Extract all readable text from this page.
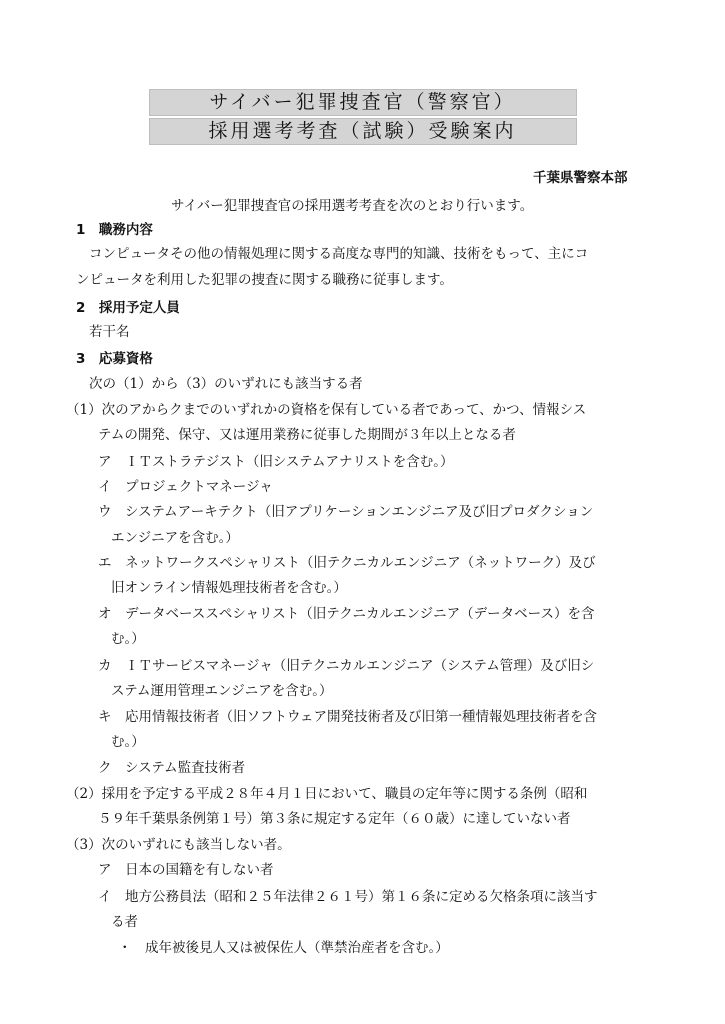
サイバー犯罪捜査官（警察官）
採用選考考査（試験）受験案内
千葉県警察本部
サイバー犯罪捜査官の採用選考考査を次のとおり行います。
1　職務内容
コンピュータその他の情報処理に関する高度な専門的知識、技術をもって、主にコ
ンピュータを利用した犯罪の捜査に関する職務に従事します。
2　採用予定人員
若干名
3　応募資格
次の（1）から（3）のいずれにも該当する者
（1）次のアからクまでのいずれかの資格を保有している者であって、かつ、情報シス
テムの開発、保守、又は運用業務に従事した期間が３年以上となる者
ア　ＩＴストラテジスト（旧システムアナリストを含む。）
イ　プロジェクトマネージャ
ウ　システムアーキテクト（旧アプリケーションエンジニア及び旧プロダクション
エンジニアを含む。）
エ　ネットワークスペシャリスト（旧テクニカルエンジニア（ネットワーク）及び
旧オンライン情報処理技術者を含む。）
オ　データベーススペシャリスト（旧テクニカルエンジニア（データベース）を含
む。）
カ　ＩＴサービスマネージャ（旧テクニカルエンジニア（システム管理）及び旧シ
ステム運用管理エンジニアを含む。）
キ　応用情報技術者（旧ソフトウェア開発技術者及び旧第一種情報処理技術者を含
む。）
ク　システム監査技術者
（2）採用を予定する平成２８年４月１日において、職員の定年等に関する条例（昭和
５９年千葉県条例第１号）第３条に規定する定年（６０歳）に達していない者
（3）次のいずれにも該当しない者。
ア　日本の国籍を有しない者
イ　地方公務員法（昭和２５年法律２６１号）第１６条に定める欠格条項に該当す
る者
・　成年被後見人又は被保佐人（準禁治産者を含む。）
